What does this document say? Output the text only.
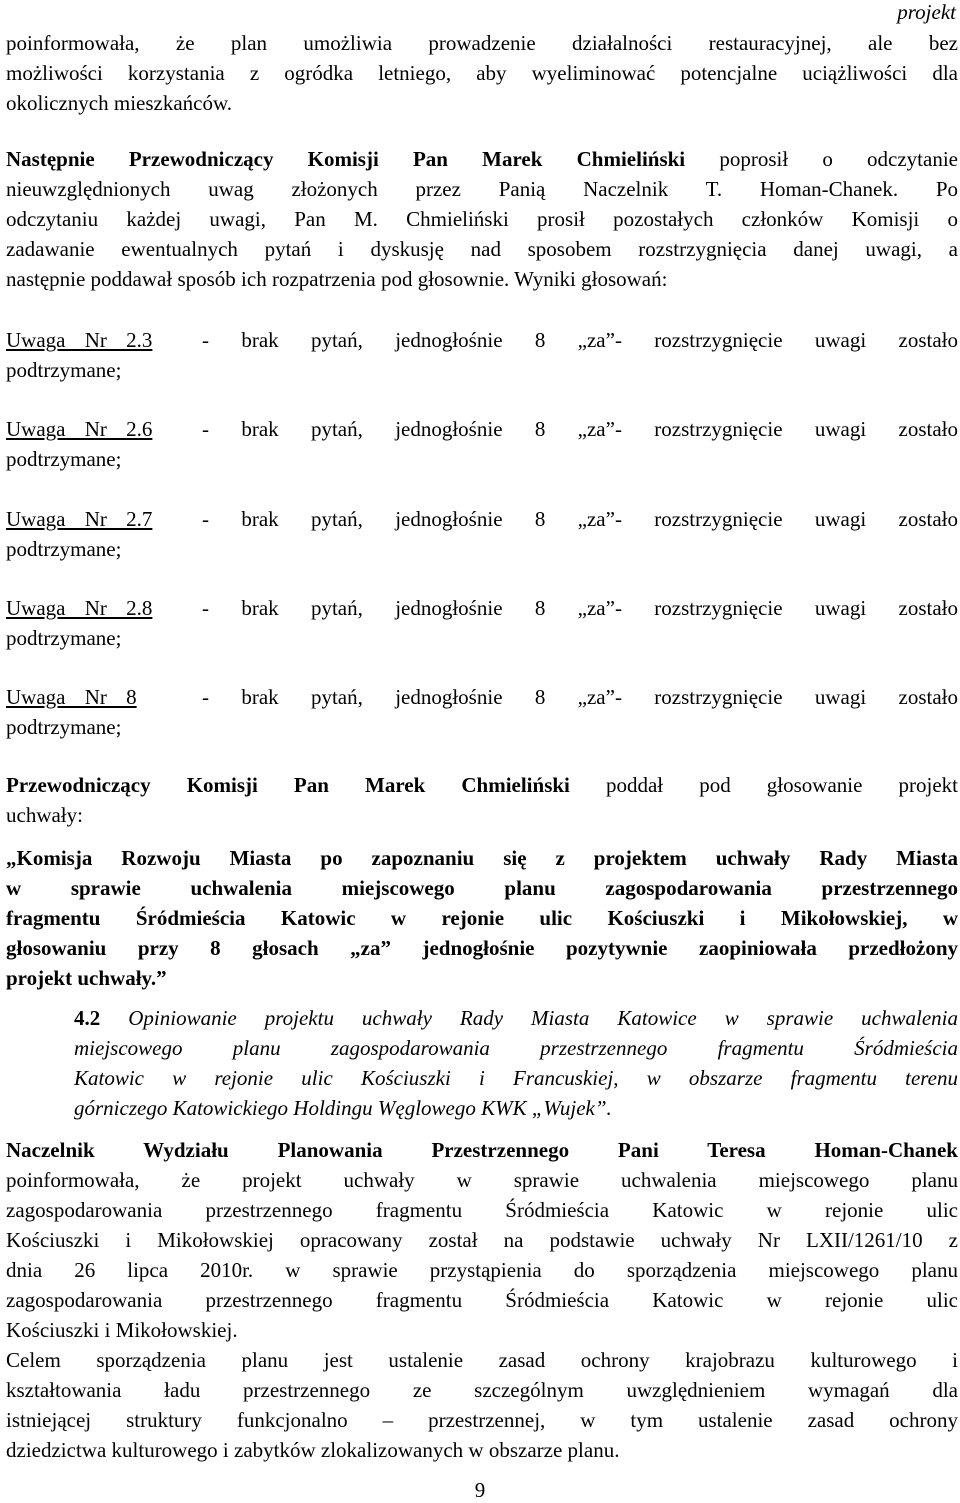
projekt
poinformowała, że plan umożliwia prowadzenie działalności restauracyjnej, ale bez
możliwości korzystania z ogródka letniego, aby wyeliminować potencjalne uciążliwości dla
okolicznych mieszkańców.
Następnie Przewodniczący Komisji Pan Marek Chmieliński poprosił o odczytanie
nieuwzględnionych uwag złożonych przez Panią Naczelnik T. Homan-Chanek. Po
odczytaniu każdej uwagi, Pan M. Chmieliński prosił pozostałych członków Komisji o
zadawanie ewentualnych pytań i dyskusję nad sposobem rozstrzygnięcia danej uwagi, a
następnie poddawał sposób ich rozpatrzenia pod głosownie. Wyniki głosowań:
Uwaga Nr 2.3	- brak pytań, jednogłośnie 8 „za”- rozstrzygnięcie uwagi zostało
podtrzymane;
Uwaga Nr 2.6	- brak pytań, jednogłośnie 8 „za”- rozstrzygnięcie uwagi zostało
podtrzymane;
Uwaga Nr 2.7	- brak pytań, jednogłośnie 8 „za”- rozstrzygnięcie uwagi zostało
podtrzymane;
Uwaga Nr 2.8	- brak pytań, jednogłośnie 8 „za”- rozstrzygnięcie uwagi zostało
podtrzymane;
Uwaga Nr 8	- brak pytań, jednogłośnie 8 „za”- rozstrzygnięcie uwagi zostało
podtrzymane;
Przewodniczący Komisji Pan Marek Chmieliński poddał pod głosowanie projekt
uchwały:
„Komisja Rozwoju Miasta po zapoznaniu się z projektem uchwały Rady Miasta
w sprawie uchwalenia miejscowego planu zagospodarowania przestrzennego
fragmentu Śródmieścia Katowic w rejonie ulic Kościuszki i Mikołowskiej, w
głosowaniu przy 8 głosach „za” jednogłośnie pozytywnie zaopiniowała przedłożony
projekt uchwały.”
4.2 Opiniowanie projektu uchwały Rady Miasta Katowice w sprawie uchwalenia
miejscowego planu zagospodarowania przestrzennego fragmentu Śródmieścia
Katowic w rejonie ulic Kościuszki i Francuskiej, w obszarze fragmentu terenu
górniczego Katowickiego Holdingu Węglowego KWK „Wujek”.
Naczelnik Wydziału Planowania Przestrzennego Pani Teresa Homan-Chanek
poinformowała, że projekt uchwały w sprawie uchwalenia miejscowego planu
zagospodarowania przestrzennego fragmentu Śródmieścia Katowic w rejonie ulic
Kościuszki i Mikołowskiej opracowany został na podstawie uchwały Nr LXII/1261/10 z
dnia 26 lipca 2010r. w sprawie przystąpienia do sporządzenia miejscowego planu
zagospodarowania przestrzennego fragmentu Śródmieścia Katowic w rejonie ulic
Kościuszki i Mikołowskiej.
Celem sporządzenia planu jest ustalenie zasad ochrony krajobrazu kulturowego i
kształtowania ładu przestrzennego ze szczególnym uwzględnieniem wymagań dla
istniejącej struktury funkcjonalno – przestrzennej, w tym ustalenie zasad ochrony
dziedzictwa kulturowego i zabytków zlokalizowanych w obszarze planu.
9
